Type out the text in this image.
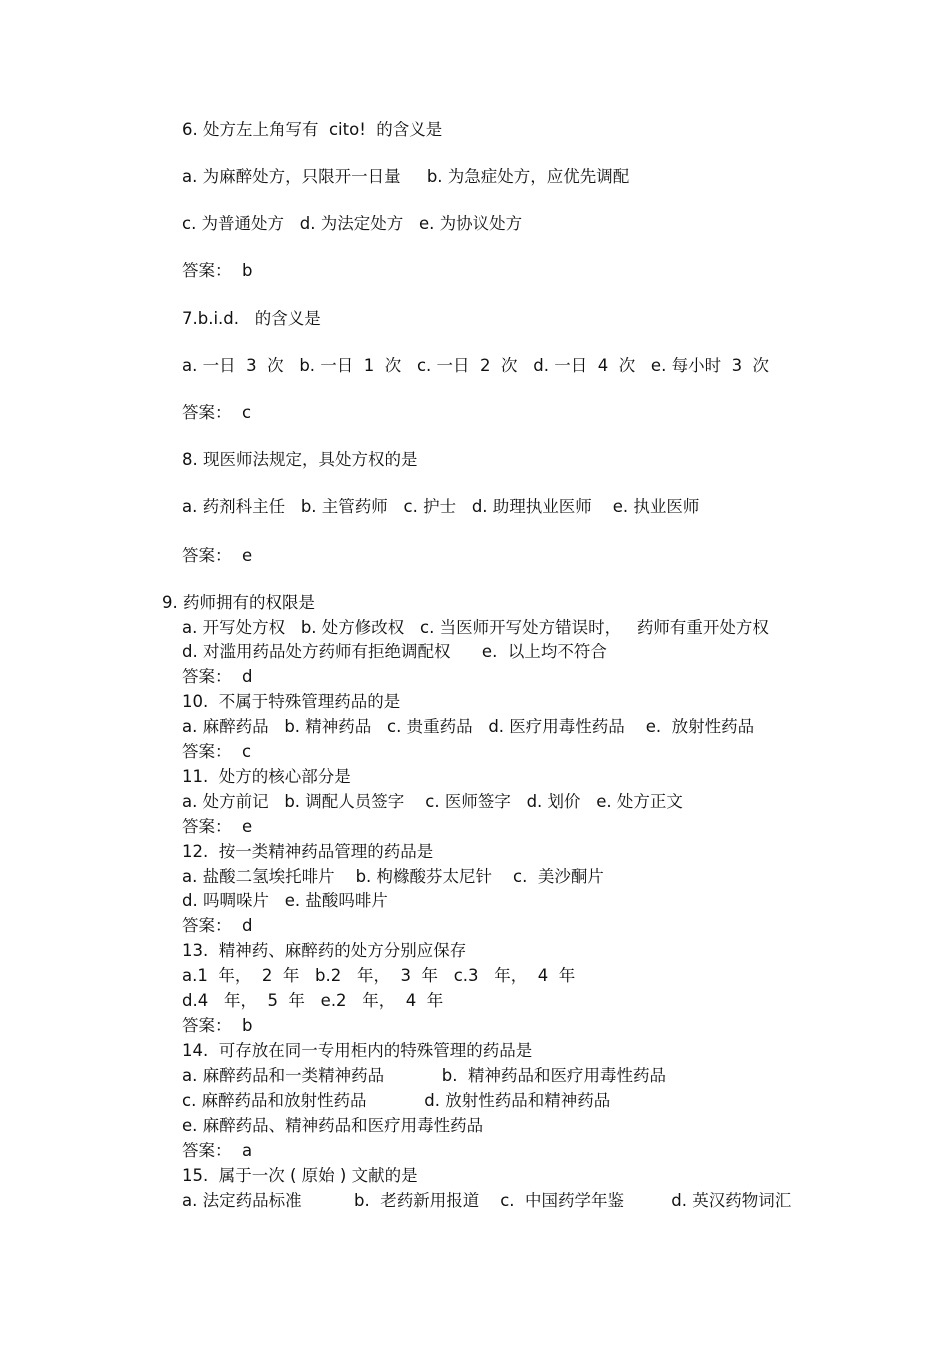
6. 处方左上角写有  cito!  的含义是
a. 为麻醉处方，只限开一日量     b. 为急症处方，应优先调配
c. 为普通处方   d. 为法定处方   e. 为协议处方
答案：  b
7.b.i.d.   的含义是
a. 一日  3  次   b. 一日  1  次   c. 一日  2  次   d. 一日  4  次   e. 每小时  3  次
答案：  c
8. 现医师法规定，具处方权的是
a. 药剂科主任   b. 主管药师   c. 护士   d. 助理执业医师    e. 执业医师
答案：  e
9. 药师拥有的权限是
a. 开写处方权   b. 处方修改权   c. 当医师开写处方错误时，   药师有重开处方权
d. 对滥用药品处方药师有拒绝调配权      e.  以上均不符合
答案：  d
10.  不属于特殊管理药品的是
a. 麻醉药品   b. 精神药品   c. 贵重药品   d. 医疗用毒性药品    e.  放射性药品
答案：  c
11.  处方的核心部分是
a. 处方前记   b. 调配人员签字    c. 医师签字   d. 划价   e. 处方正文
答案：  e
12.  按一类精神药品管理的药品是
a. 盐酸二氢埃托啡片    b. 枸橼酸芬太尼针    c.  美沙酮片
d. 吗啁哚片   e. 盐酸吗啡片
答案：  d
13.  精神药、麻醉药的处方分别应保存
a.1  年，  2  年   b.2   年，  3  年   c.3   年，  4  年
d.4   年，  5  年   e.2   年，  4  年
答案：  b
14.  可存放在同一专用柜内的特殊管理的药品是
a. 麻醉药品和一类精神药品           b.  精神药品和医疗用毒性药品
c. 麻醉药品和放射性药品           d. 放射性药品和精神药品
e. 麻醉药品、精神药品和医疗用毒性药品
答案：  a
15.  属于一次 ( 原始 ) 文献的是
a. 法定药品标准          b.  老药新用报道    c.  中国药学年鉴         d. 英汉药物词汇
